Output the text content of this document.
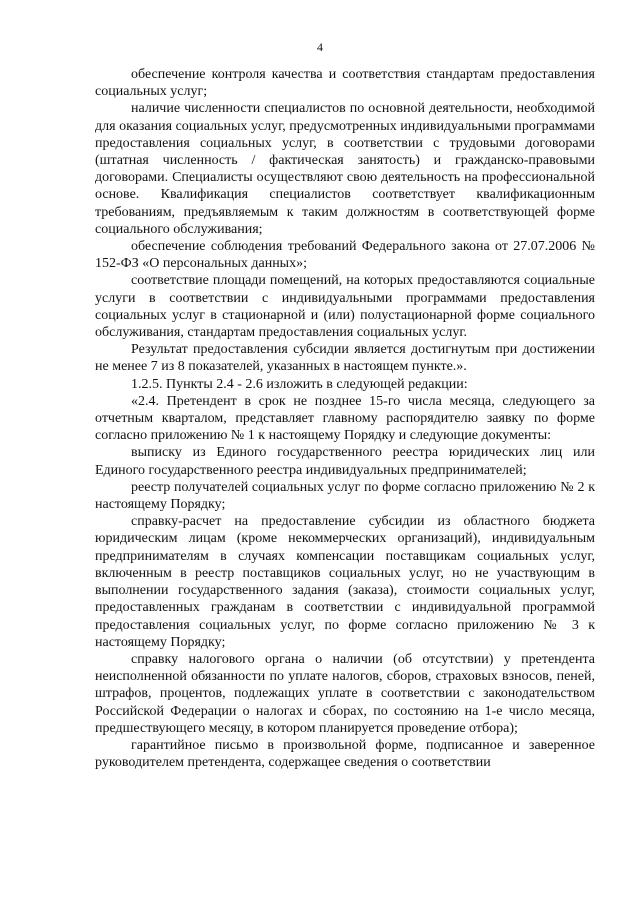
4

обеспечение контроля качества и соответствия стандартам предоставления социальных услуг;

наличие численности специалистов по основной деятельности, необходимой для оказания социальных услуг, предусмотренных индивидуальными программами предоставления социальных услуг, в соответствии с трудовыми договорами (штатная численность / фактическая занятость) и гражданско-правовыми договорами. Специалисты осуществляют свою деятельность на профессиональной основе. Квалификация специалистов соответствует квалификационным требованиям, предъявляемым к таким должностям в соответствующей форме социального обслуживания;

обеспечение соблюдения требований Федерального закона от 27.07.2006 № 152-ФЗ «О персональных данных»;

соответствие площади помещений, на которых предоставляются социальные услуги в соответствии с индивидуальными программами предоставления социальных услуг в стационарной и (или) полустационарной форме социального обслуживания, стандартам предоставления социальных услуг.

Результат предоставления субсидии является достигнутым при достижении не менее 7 из 8 показателей, указанных в настоящем пункте.».

1.2.5. Пункты 2.4 - 2.6 изложить в следующей редакции:

«2.4. Претендент в срок не позднее 15-го числа месяца, следующего за отчетным кварталом, представляет главному распорядителю заявку по форме согласно приложению № 1 к настоящему Порядку и следующие документы:

выписку из Единого государственного реестра юридических лиц или Единого государственного реестра индивидуальных предпринимателей;

реестр получателей социальных услуг по форме согласно приложению № 2 к настоящему Порядку;

справку-расчет на предоставление субсидии из областного бюджета юридическим лицам (кроме некоммерческих организаций), индивидуальным предпринимателям в случаях компенсации поставщикам социальных услуг, включенным в реестр поставщиков социальных услуг, но не участвующим в выполнении государственного задания (заказа), стоимости социальных услуг, предоставленных гражданам в соответствии с индивидуальной программой предоставления социальных услуг, по форме согласно приложению № 3 к настоящему Порядку;

справку налогового органа о наличии (об отсутствии) у претендента неисполненной обязанности по уплате налогов, сборов, страховых взносов, пеней, штрафов, процентов, подлежащих уплате в соответствии с законодательством Российской Федерации о налогах и сборах, по состоянию на 1-е число месяца, предшествующего месяцу, в котором планируется проведение отбора);

гарантийное письмо в произвольной форме, подписанное и заверенное руководителем претендента, содержащее сведения о соответствии
